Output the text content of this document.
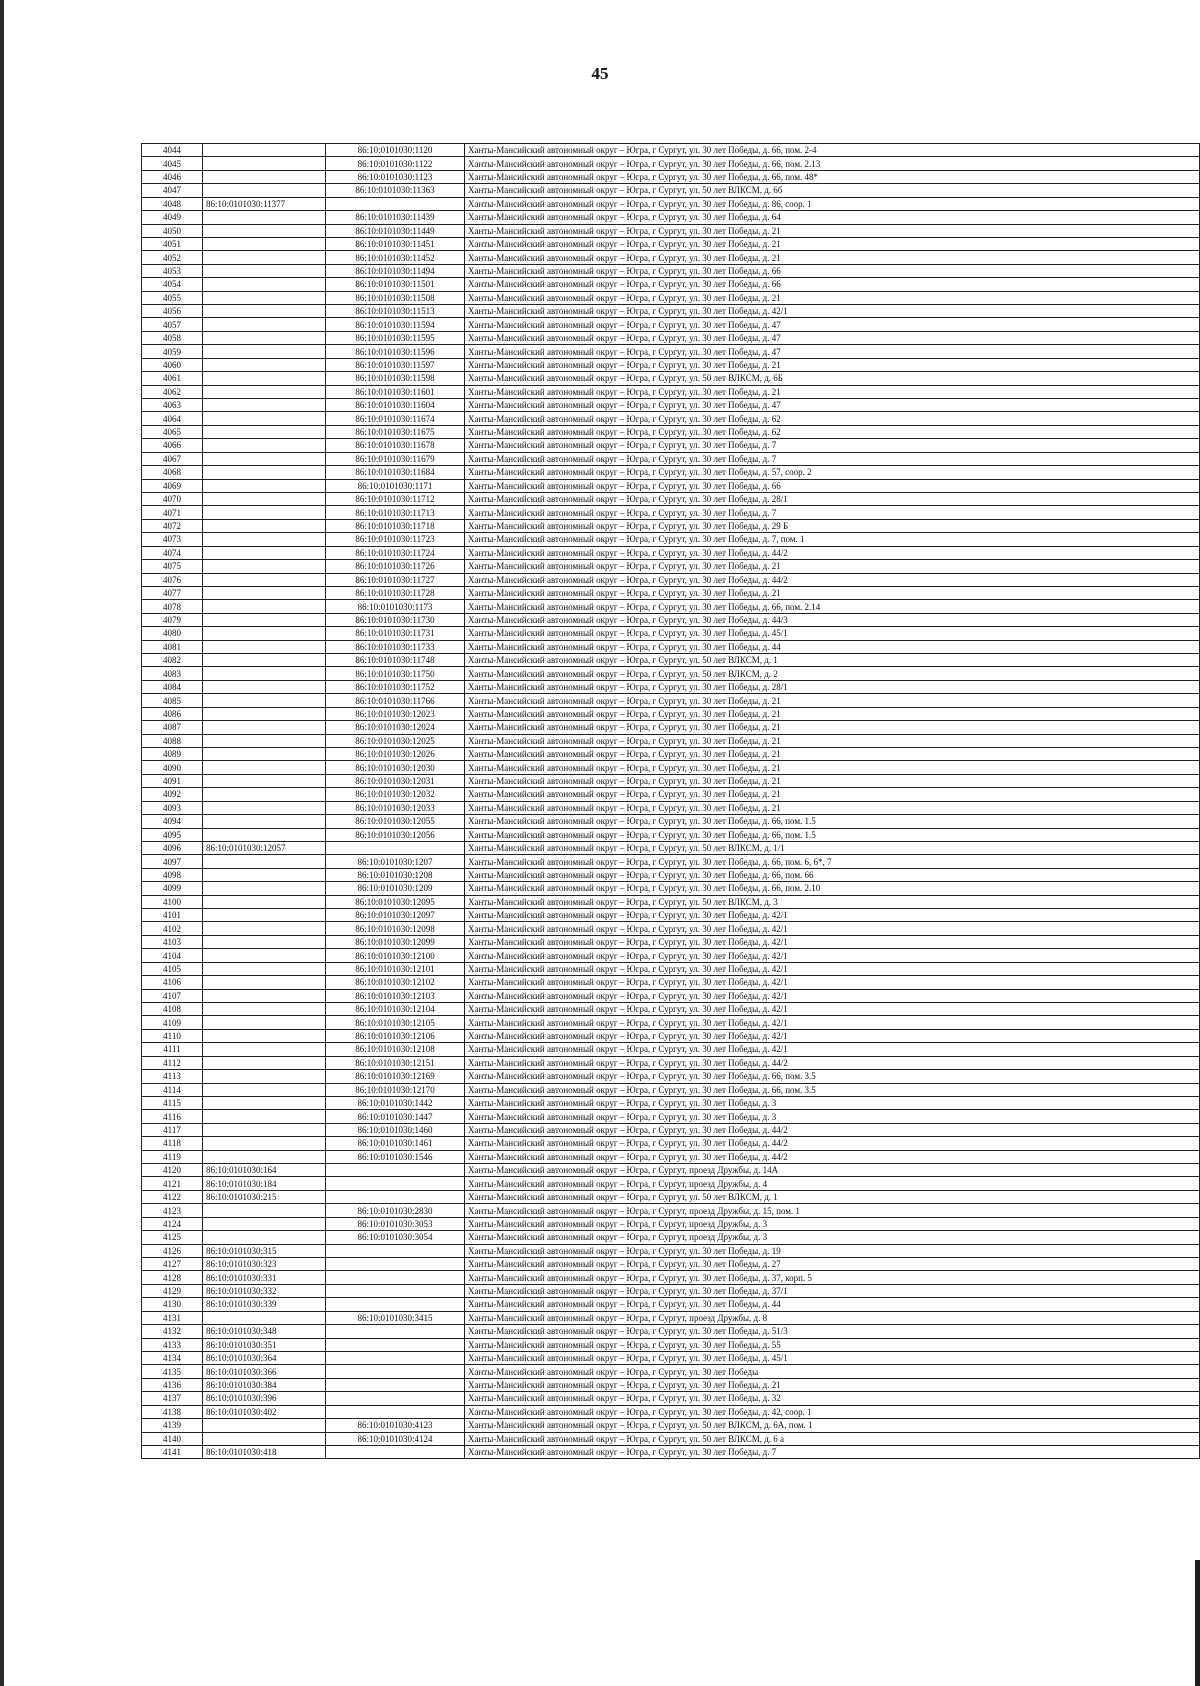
45
4044		86:10:0101030:1120	Ханты-Мансийский автономный округ – Югра, г Сургут, ул. 30 лет Победы, д. 66, пом. 2-4
4045		86:10:0101030:1122	Ханты-Мансийский автономный округ – Югра, г Сургут, ул. 30 лет Победы, д. 66, пом. 2.13
4046		86:10:0101030:1123	Ханты-Мансийский автономный округ – Югра, г Сургут, ул. 30 лет Победы, д. 66, пом. 48*
4047		86:10:0101030:11363	Ханты-Мансийский автономный округ – Югра, г Сургут, ул. 50 лет ВЛКСМ, д. 6б
4048	86:10:0101030:11377		Ханты-Мансийский автономный округ – Югра, г Сургут, ул. 30 лет Победы, д. 86, соор. 1
4049		86:10:0101030:11439	Ханты-Мансийский автономный округ – Югра, г Сургут, ул. 30 лет Победы, д. 64
4050		86:10:0101030:11449	Ханты-Мансийский автономный округ – Югра, г Сургут, ул. 30 лет Победы, д. 21
4051		86:10:0101030:11451	Ханты-Мансийский автономный округ – Югра, г Сургут, ул. 30 лет Победы, д. 21
4052		86:10:0101030:11452	Ханты-Мансийский автономный округ – Югра, г Сургут, ул. 30 лет Победы, д. 21
4053		86:10:0101030:11494	Ханты-Мансийский автономный округ – Югра, г Сургут, ул. 30 лет Победы, д. 66
4054		86:10:0101030:11501	Ханты-Мансийский автономный округ – Югра, г Сургут, ул. 30 лет Победы, д. 66
4055		86:10:0101030:11508	Ханты-Мансийский автономный округ – Югра, г Сургут, ул. 30 лет Победы, д. 21
4056		86:10:0101030:11513	Ханты-Мансийский автономный округ – Югра, г Сургут, ул. 30 лет Победы, д. 42/1
4057		86:10:0101030:11594	Ханты-Мансийский автономный округ – Югра, г Сургут, ул. 30 лет Победы, д. 47
4058		86:10:0101030:11595	Ханты-Мансийский автономный округ – Югра, г Сургут, ул. 30 лет Победы, д. 47
4059		86:10:0101030:11596	Ханты-Мансийский автономный округ – Югра, г Сургут, ул. 30 лет Победы, д. 47
4060		86:10:0101030:11597	Ханты-Мансийский автономный округ – Югра, г Сургут, ул. 30 лет Победы, д. 21
4061		86:10:0101030:11598	Ханты-Мансийский автономный округ – Югра, г Сургут, ул. 50 лет ВЛКСМ, д. 6Б
4062		86:10:0101030:11601	Ханты-Мансийский автономный округ – Югра, г Сургут, ул. 30 лет Победы, д. 21
4063		86:10:0101030:11604	Ханты-Мансийский автономный округ – Югра, г Сургут, ул. 30 лет Победы, д. 47
4064		86:10:0101030:11674	Ханты-Мансийский автономный округ – Югра, г Сургут, ул. 30 лет Победы, д. 62
4065		86:10:0101030:11675	Ханты-Мансийский автономный округ – Югра, г Сургут, ул. 30 лет Победы, д. 62
4066		86:10:0101030:11678	Ханты-Мансийский автономный округ – Югра, г Сургут, ул. 30 лет Победы, д. 7
4067		86:10:0101030:11679	Ханты-Мансийский автономный округ – Югра, г Сургут, ул. 30 лет Победы, д. 7
4068		86:10:0101030:11684	Ханты-Мансийский автономный округ – Югра, г Сургут, ул. 30 лет Победы, д. 57, соор. 2
4069		86:10:0101030:1171	Ханты-Мансийский автономный округ – Югра, г Сургут, ул. 30 лет Победы, д. 66
4070		86:10:0101030:11712	Ханты-Мансийский автономный округ – Югра, г Сургут, ул. 30 лет Победы, д. 28/1
4071		86:10:0101030:11713	Ханты-Мансийский автономный округ – Югра, г Сургут, ул. 30 лет Победы, д. 7
4072		86:10:0101030:11718	Ханты-Мансийский автономный округ – Югра, г Сургут, ул. 30 лет Победы, д. 29 Б
4073		86:10:0101030:11723	Ханты-Мансийский автономный округ – Югра, г Сургут, ул. 30 лет Победы, д. 7, пом. 1
4074		86:10:0101030:11724	Ханты-Мансийский автономный округ – Югра, г Сургут, ул. 30 лет Победы, д. 44/2
4075		86:10:0101030:11726	Ханты-Мансийский автономный округ – Югра, г Сургут, ул. 30 лет Победы, д. 21
4076		86:10:0101030:11727	Ханты-Мансийский автономный округ – Югра, г Сургут, ул. 30 лет Победы, д. 44/2
4077		86:10:0101030:11728	Ханты-Мансийский автономный округ – Югра, г Сургут, ул. 30 лет Победы, д. 21
4078		86:10:0101030:1173	Ханты-Мансийский автономный округ – Югра, г Сургут, ул. 30 лет Победы, д. 66, пом. 2.14
4079		86:10:0101030:11730	Ханты-Мансийский автономный округ – Югра, г Сургут, ул. 30 лет Победы, д. 44/3
4080		86:10:0101030:11731	Ханты-Мансийский автономный округ – Югра, г Сургут, ул. 30 лет Победы, д. 45/1
4081		86:10:0101030:11733	Ханты-Мансийский автономный округ – Югра, г Сургут, ул. 30 лет Победы, д. 44
4082		86:10:0101030:11748	Ханты-Мансийский автономный округ – Югра, г Сургут, ул. 50 лет ВЛКСМ, д. 1
4083		86:10:0101030:11750	Ханты-Мансийский автономный округ – Югра, г Сургут, ул. 50 лет ВЛКСМ, д. 2
4084		86:10:0101030:11752	Ханты-Мансийский автономный округ – Югра, г Сургут, ул. 30 лет Победы, д. 28/1
4085		86:10:0101030:11766	Ханты-Мансийский автономный округ – Югра, г Сургут, ул. 30 лет Победы, д. 21
4086		86:10:0101030:12023	Ханты-Мансийский автономный округ – Югра, г Сургут, ул. 30 лет Победы, д. 21
4087		86:10:0101030:12024	Ханты-Мансийский автономный округ – Югра, г Сургут, ул. 30 лет Победы, д. 21
4088		86:10:0101030:12025	Ханты-Мансийский автономный округ – Югра, г Сургут, ул. 30 лет Победы, д. 21
4089		86:10:0101030:12026	Ханты-Мансийский автономный округ – Югра, г Сургут, ул. 30 лет Победы, д. 21
4090		86:10:0101030:12030	Ханты-Мансийский автономный округ – Югра, г Сургут, ул. 30 лет Победы, д. 21
4091		86:10:0101030:12031	Ханты-Мансийский автономный округ – Югра, г Сургут, ул. 30 лет Победы, д. 21
4092		86:10:0101030:12032	Ханты-Мансийский автономный округ – Югра, г Сургут, ул. 30 лет Победы, д. 21
4093		86:10:0101030:12033	Ханты-Мансийский автономный округ – Югра, г Сургут, ул. 30 лет Победы, д. 21
4094		86:10:0101030:12055	Ханты-Мансийский автономный округ – Югра, г Сургут, ул. 30 лет Победы, д. 66, пом. 1.5
4095		86:10:0101030:12056	Ханты-Мансийский автономный округ – Югра, г Сургут, ул. 30 лет Победы, д. 66, пом. 1.5
4096	86:10:0101030:12057		Ханты-Мансийский автономный округ – Югра, г Сургут, ул. 50 лет ВЛКСМ, д. 1/1
4097		86:10:0101030:1207	Ханты-Мансийский автономный округ – Югра, г Сургут, ул. 30 лет Победы, д. 66, пом. 6, 6*, 7
4098		86:10:0101030:1208	Ханты-Мансийский автономный округ – Югра, г Сургут, ул. 30 лет Победы, д. 66, пом. 66
4099		86:10:0101030:1209	Ханты-Мансийский автономный округ – Югра, г Сургут, ул. 30 лет Победы, д. 66, пом. 2.10
4100		86:10:0101030:12095	Ханты-Мансийский автономный округ – Югра, г Сургут, ул. 50 лет ВЛКСМ, д. 3
4101		86:10:0101030:12097	Ханты-Мансийский автономный округ – Югра, г Сургут, ул. 30 лет Победы, д. 42/1
4102		86:10:0101030:12098	Ханты-Мансийский автономный округ – Югра, г Сургут, ул. 30 лет Победы, д. 42/1
4103		86:10:0101030:12099	Ханты-Мансийский автономный округ – Югра, г Сургут, ул. 30 лет Победы, д. 42/1
4104		86:10:0101030:12100	Ханты-Мансийский автономный округ – Югра, г Сургут, ул. 30 лет Победы, д. 42/1
4105		86:10:0101030:12101	Ханты-Мансийский автономный округ – Югра, г Сургут, ул. 30 лет Победы, д. 42/1
4106		86:10:0101030:12102	Ханты-Мансийский автономный округ – Югра, г Сургут, ул. 30 лет Победы, д. 42/1
4107		86:10:0101030:12103	Ханты-Мансийский автономный округ – Югра, г Сургут, ул. 30 лет Победы, д. 42/1
4108		86:10:0101030:12104	Ханты-Мансийский автономный округ – Югра, г Сургут, ул. 30 лет Победы, д. 42/1
4109		86:10:0101030:12105	Ханты-Мансийский автономный округ – Югра, г Сургут, ул. 30 лет Победы, д. 42/1
4110		86:10:0101030:12106	Ханты-Мансийский автономный округ – Югра, г Сургут, ул. 30 лет Победы, д. 42/1
4111		86:10:0101030:12108	Ханты-Мансийский автономный округ – Югра, г Сургут, ул. 30 лет Победы, д. 42/1
4112		86:10:0101030:12151	Ханты-Мансийский автономный округ – Югра, г Сургут, ул. 30 лет Победы, д. 44/2
4113		86:10:0101030:12169	Ханты-Мансийский автономный округ – Югра, г Сургут, ул. 30 лет Победы, д. 66, пом. 3.5
4114		86:10:0101030:12170	Ханты-Мансийский автономный округ – Югра, г Сургут, ул. 30 лет Победы, д. 66, пом. 3.5
4115		86:10:0101030:1442	Ханты-Мансийский автономный округ – Югра, г Сургут, ул. 30 лет Победы, д. 3
4116		86:10:0101030:1447	Ханты-Мансийский автономный округ – Югра, г Сургут, ул. 30 лет Победы, д. 3
4117		86:10:0101030:1460	Ханты-Мансийский автономный округ – Югра, г Сургут, ул. 30 лет Победы, д. 44/2
4118		86:10:0101030:1461	Ханты-Мансийский автономный округ – Югра, г Сургут, ул. 30 лет Победы, д. 44/2
4119		86:10:0101030:1546	Ханты-Мансийский автономный округ – Югра, г Сургут, ул. 30 лет Победы, д. 44/2
4120	86:10:0101030:164		Ханты-Мансийский автономный округ – Югра, г Сургут, проезд Дружбы, д. 14А
4121	86:10:0101030:184		Ханты-Мансийский автономный округ – Югра, г Сургут, проезд Дружбы, д. 4
4122	86:10:0101030:215		Ханты-Мансийский автономный округ – Югра, г Сургут, ул. 50 лет ВЛКСМ, д. 1
4123		86:10:0101030:2830	Ханты-Мансийский автономный округ – Югра, г Сургут, проезд Дружбы, д. 15, пом. 1
4124		86:10:0101030:3053	Ханты-Мансийский автономный округ – Югра, г Сургут, проезд Дружбы, д. 3
4125		86:10:0101030:3054	Ханты-Мансийский автономный округ – Югра, г Сургут, проезд Дружбы, д. 3
4126	86:10:0101030:315		Ханты-Мансийский автономный округ – Югра, г Сургут, ул. 30 лет Победы, д. 19
4127	86:10:0101030:323		Ханты-Мансийский автономный округ – Югра, г Сургут, ул. 30 лет Победы, д. 27
4128	86:10:0101030:331		Ханты-Мансийский автономный округ – Югра, г Сургут, ул. 30 лет Победы, д. 37, корп. 5
4129	86:10:0101030:332		Ханты-Мансийский автономный округ – Югра, г Сургут, ул. 30 лет Победы, д. 37/1
4130	86:10:0101030:339		Ханты-Мансийский автономный округ – Югра, г Сургут, ул. 30 лет Победы, д. 44
4131		86:10:0101030:3415	Ханты-Мансийский автономный округ – Югра, г Сургут, проезд Дружбы, д. 8
4132	86:10:0101030:348		Ханты-Мансийский автономный округ – Югра, г Сургут, ул. 30 лет Победы, д. 51/3
4133	86:10:0101030:351		Ханты-Мансийский автономный округ – Югра, г Сургут, ул. 30 лет Победы, д. 55
4134	86:10:0101030:364		Ханты-Мансийский автономный округ – Югра, г Сургут, ул. 30 лет Победы, д. 45/1
4135	86:10:0101030:366		Ханты-Мансийский автономный округ – Югра, г Сургут, ул. 30 лет Победы
4136	86:10:0101030:384		Ханты-Мансийский автономный округ – Югра, г Сургут, ул. 30 лет Победы, д. 21
4137	86:10:0101030:396		Ханты-Мансийский автономный округ – Югра, г Сургут, ул. 30 лет Победы, д. 32
4138	86:10:0101030:402		Ханты-Мансийский автономный округ – Югра, г Сургут, ул. 30 лет Победы, д. 42, соор. 1
4139		86:10:0101030:4123	Ханты-Мансийский автономный округ – Югра, г Сургут, ул. 50 лет ВЛКСМ, д. 6А, пом. 1
4140		86:10:0101030:4124	Ханты-Мансийский автономный округ – Югра, г Сургут, ул. 50 лет ВЛКСМ, д. 6 а
4141	86:10:0101030:418		Ханты-Мансийский автономный округ – Югра, г Сургут, ул. 30 лет Победы, д. 7
